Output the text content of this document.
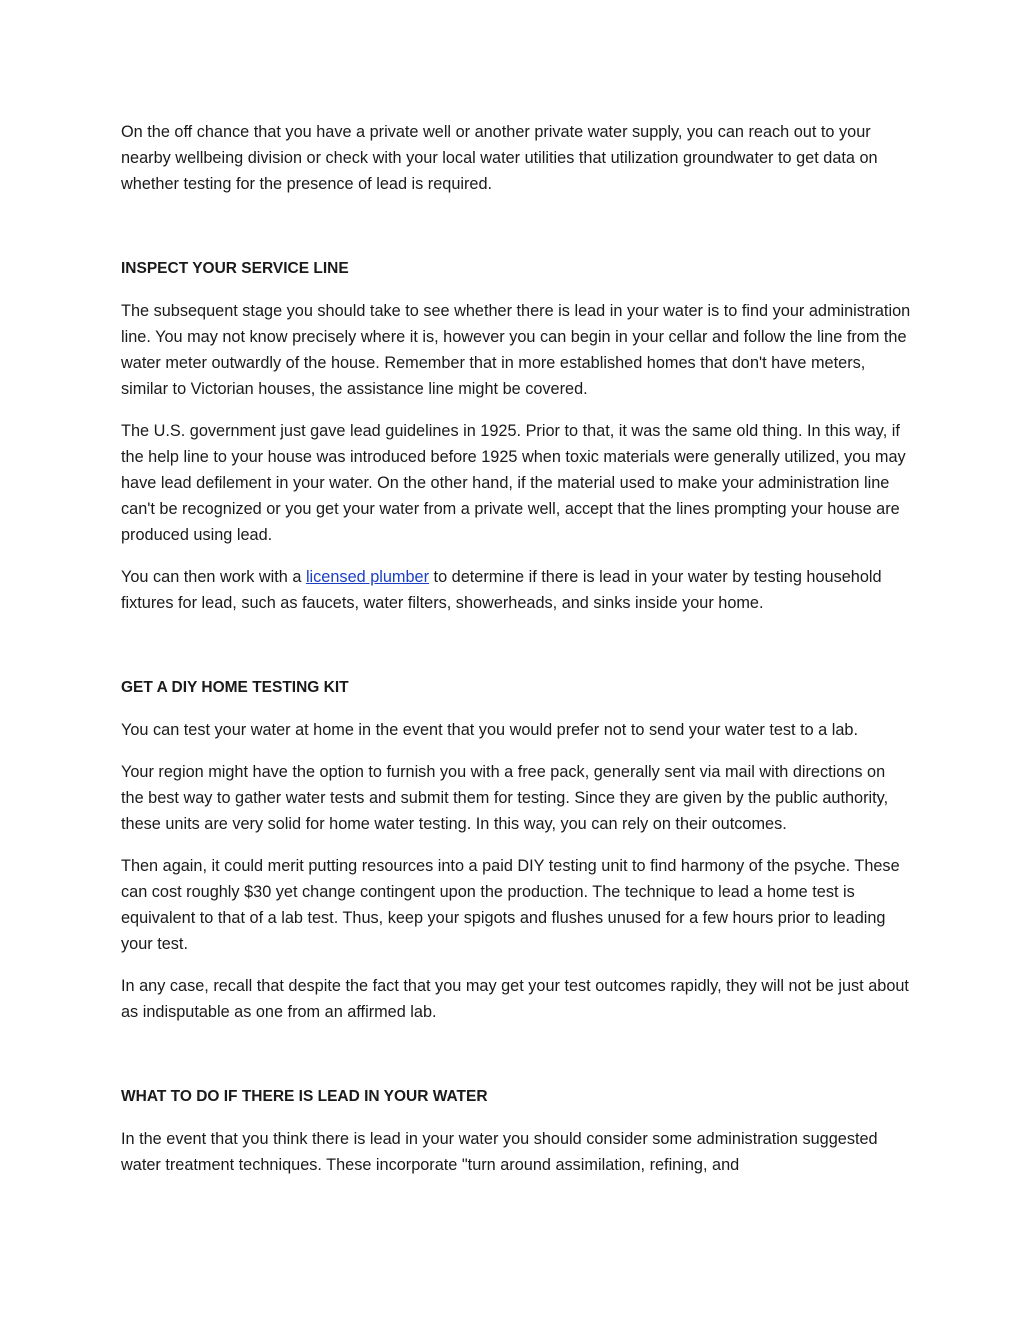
On the off chance that you have a private well or another private water supply, you can reach out to your nearby wellbeing division or check with your local water utilities that utilization groundwater to get data on whether testing for the presence of lead is required.

INSPECT YOUR SERVICE LINE

The subsequent stage you should take to see whether there is lead in your water is to find your administration line. You may not know precisely where it is, however you can begin in your cellar and follow the line from the water meter outwardly of the house. Remember that in more established homes that don't have meters, similar to Victorian houses, the assistance line might be covered.

The U.S. government just gave lead guidelines in 1925. Prior to that, it was the same old thing. In this way, if the help line to your house was introduced before 1925 when toxic materials were generally utilized, you may have lead defilement in your water. On the other hand, if the material used to make your administration line can't be recognized or you get your water from a private well, accept that the lines prompting your house are produced using lead.

You can then work with a licensed plumber to determine if there is lead in your water by testing household fixtures for lead, such as faucets, water filters, showerheads, and sinks inside your home.

GET A DIY HOME TESTING KIT

You can test your water at home in the event that you would prefer not to send your water test to a lab.

Your region might have the option to furnish you with a free pack, generally sent via mail with directions on the best way to gather water tests and submit them for testing. Since they are given by the public authority, these units are very solid for home water testing. In this way, you can rely on their outcomes.

Then again, it could merit putting resources into a paid DIY testing unit to find harmony of the psyche. These can cost roughly $30 yet change contingent upon the production. The technique to lead a home test is equivalent to that of a lab test. Thus, keep your spigots and flushes unused for a few hours prior to leading your test.

In any case, recall that despite the fact that you may get your test outcomes rapidly, they will not be just about as indisputable as one from an affirmed lab.

WHAT TO DO IF THERE IS LEAD IN YOUR WATER

In the event that you think there is lead in your water you should consider some administration suggested water treatment techniques. These incorporate "turn around assimilation, refining, and
